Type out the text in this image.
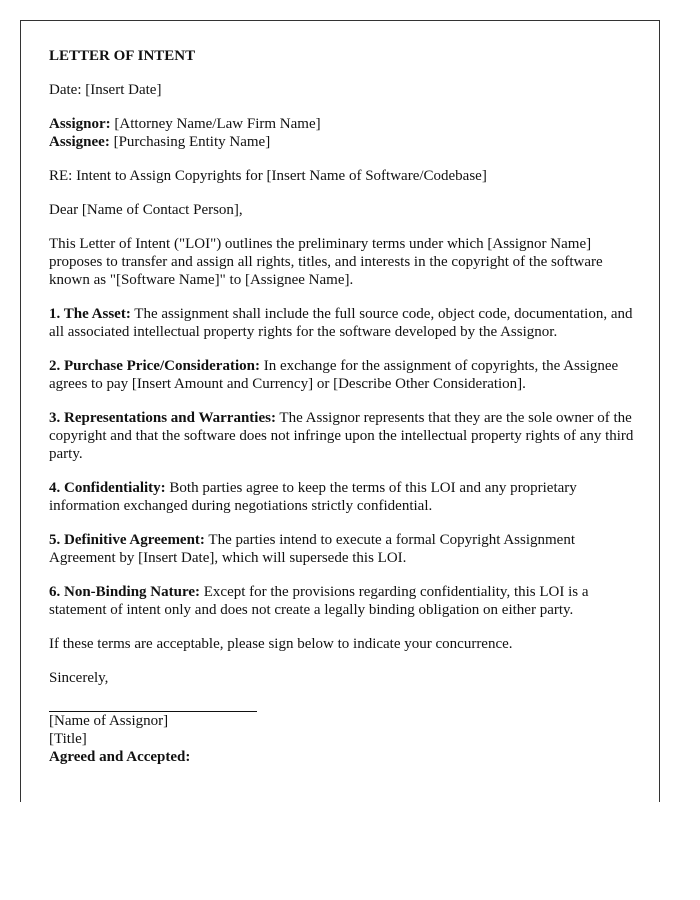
LETTER OF INTENT

Date: [Insert Date]

Assignor: [Attorney Name/Law Firm Name]
Assignee: [Purchasing Entity Name]

RE: Intent to Assign Copyrights for [Insert Name of Software/Codebase]

Dear [Name of Contact Person],

This Letter of Intent ("LOI") outlines the preliminary terms under which [Assignor Name] proposes to transfer and assign all rights, titles, and interests in the copyright of the software known as "[Software Name]" to [Assignee Name].

1. The Asset: The assignment shall include the full source code, object code, documentation, and all associated intellectual property rights for the software developed by the Assignor.

2. Purchase Price/Consideration: In exchange for the assignment of copyrights, the Assignee agrees to pay [Insert Amount and Currency] or [Describe Other Consideration].

3. Representations and Warranties: The Assignor represents that they are the sole owner of the copyright and that the software does not infringe upon the intellectual property rights of any third party.

4. Confidentiality: Both parties agree to keep the terms of this LOI and any proprietary information exchanged during negotiations strictly confidential.

5. Definitive Agreement: The parties intend to execute a formal Copyright Assignment Agreement by [Insert Date], which will supersede this LOI.

6. Non-Binding Nature: Except for the provisions regarding confidentiality, this LOI is a statement of intent only and does not create a legally binding obligation on either party.

If these terms are acceptable, please sign below to indicate your concurrence.

Sincerely,

[Name of Assignor]

[Title]

Agreed and Accepted:
